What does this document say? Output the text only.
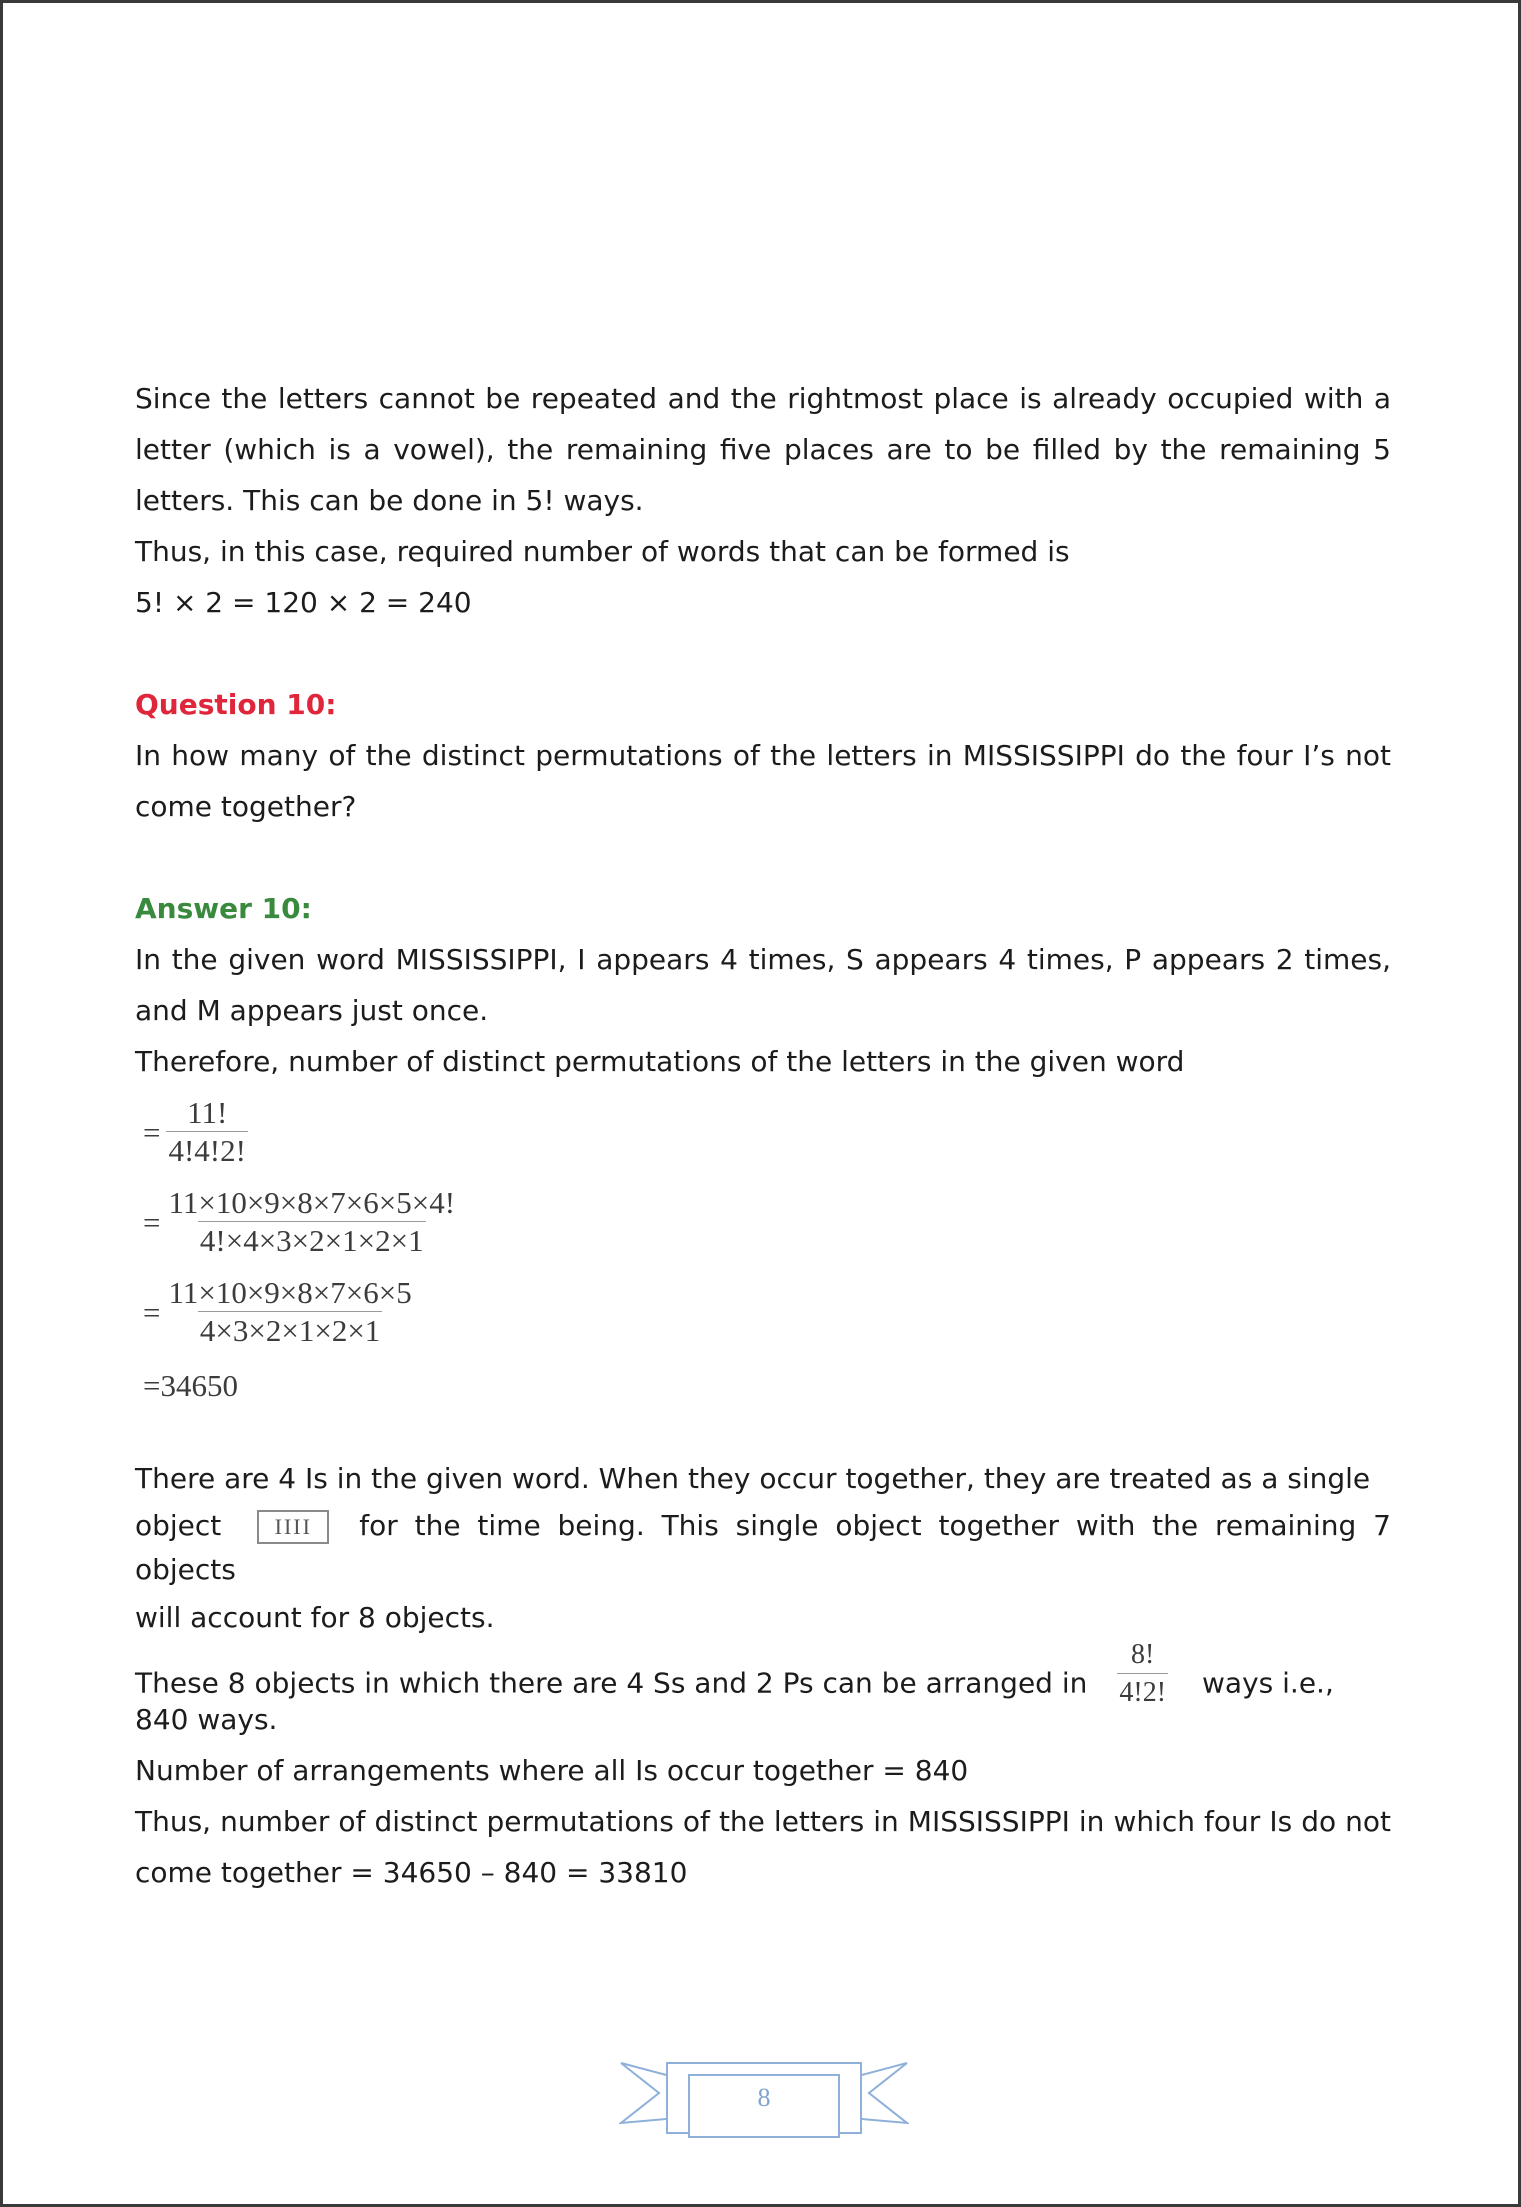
Since the letters cannot be repeated and the rightmost place is already occupied with a letter (which is a vowel), the remaining five places are to be filled by the remaining 5 letters. This can be done in 5! ways.

Thus, in this case, required number of words that can be formed is

5! × 2 = 120 × 2 = 240

Question 10:

In how many of the distinct permutations of the letters in MISSISSIPPI do the four I’s not come together?

Answer 10:

In the given word MISSISSIPPI, I appears 4 times, S appears 4 times, P appears 2 times, and M appears just once.

Therefore, number of distinct permutations of the letters in the given word

= $\frac{11!}{4!4!2!}$
= $\frac{11\times 10\times 9\times 8\times 7\times 6\times 5\times 4!}{4!\times 4\times 3\times 2\times 1\times 2\times 1}$
= $\frac{11\times 10\times 9\times 8\times 7\times 6\times 5}{4\times 3\times 2\times 1\times 2\times 1}$
=34650

There are 4 Is in the given word. When they occur together, they are treated as a single

object IIII for the time being. This single object together with the remaining 7 objects

will account for 8 objects.

These 8 objects in which there are 4 Ss and 2 Ps can be arranged in $\frac{8!}{4!2!}$ ways i.e.,

840 ways.

Number of arrangements where all Is occur together = 840

Thus, number of distinct permutations of the letters in MISSISSIPPI in which four Is do not come together = 34650 – 840 = 33810

8
